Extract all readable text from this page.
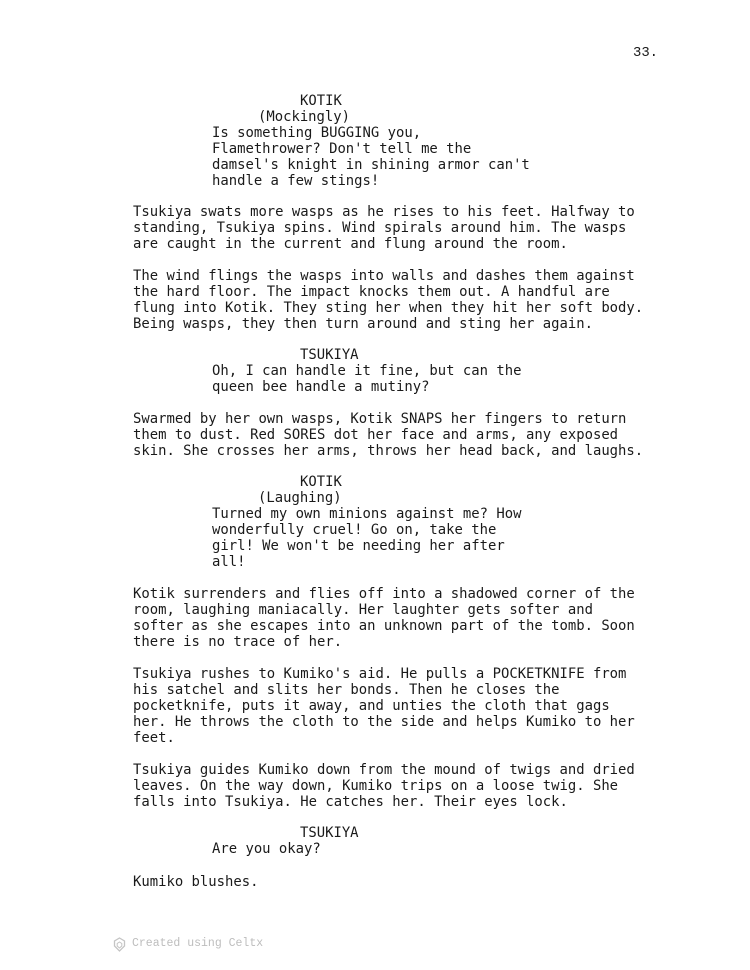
33.
KOTIK
(Mockingly)
Is something BUGGING you,
Flamethrower? Don't tell me the
damsel's knight in shining armor can't
handle a few stings!
Tsukiya swats more wasps as he rises to his feet. Halfway to
standing, Tsukiya spins. Wind spirals around him. The wasps
are caught in the current and flung around the room.
The wind flings the wasps into walls and dashes them against
the hard floor. The impact knocks them out. A handful are
flung into Kotik. They sting her when they hit her soft body.
Being wasps, they then turn around and sting her again.
TSUKIYA
Oh, I can handle it fine, but can the
queen bee handle a mutiny?
Swarmed by her own wasps, Kotik SNAPS her fingers to return
them to dust. Red SORES dot her face and arms, any exposed
skin. She crosses her arms, throws her head back, and laughs.
KOTIK
(Laughing)
Turned my own minions against me? How
wonderfully cruel! Go on, take the
girl! We won't be needing her after
all!
Kotik surrenders and flies off into a shadowed corner of the
room, laughing maniacally. Her laughter gets softer and
softer as she escapes into an unknown part of the tomb. Soon
there is no trace of her.
Tsukiya rushes to Kumiko's aid. He pulls a POCKETKNIFE from
his satchel and slits her bonds. Then he closes the
pocketknife, puts it away, and unties the cloth that gags
her. He throws the cloth to the side and helps Kumiko to her
feet.
Tsukiya guides Kumiko down from the mound of twigs and dried
leaves. On the way down, Kumiko trips on a loose twig. She
falls into Tsukiya. He catches her. Their eyes lock.
TSUKIYA
Are you okay?
Kumiko blushes.
Created using Celtx
